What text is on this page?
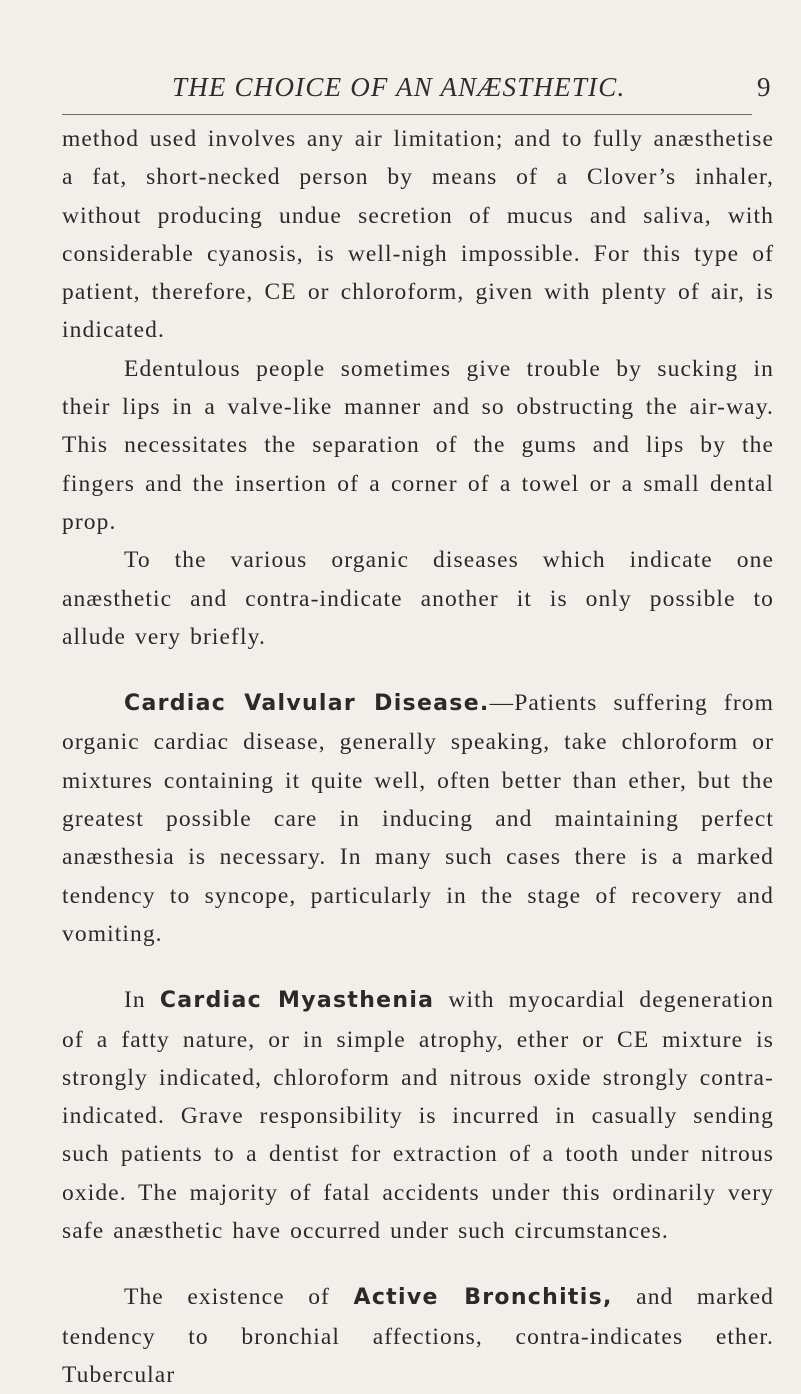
THE CHOICE OF AN ANÆSTHETIC.	9

method used involves any air limitation; and to fully anæsthetise a fat, short-necked person by means of a Clover’s inhaler, without producing undue secretion of mucus and saliva, with considerable cyanosis, is well-nigh impossible. For this type of patient, therefore, CE or chloroform, given with plenty of air, is indicated.

Edentulous people sometimes give trouble by sucking in their lips in a valve-like manner and so obstructing the air-way. This necessitates the separation of the gums and lips by the fingers and the insertion of a corner of a towel or a small dental prop.

To the various organic diseases which indicate one anæsthetic and contra-indicate another it is only possible to allude very briefly.

Cardiac Valvular Disease.—Patients suffering from organic cardiac disease, generally speaking, take chloroform or mixtures containing it quite well, often better than ether, but the greatest possible care in inducing and maintaining perfect anæsthesia is necessary. In many such cases there is a marked tendency to syncope, particularly in the stage of recovery and vomiting.

In Cardiac Myasthenia with myocardial degeneration of a fatty nature, or in simple atrophy, ether or CE mixture is strongly indicated, chloroform and nitrous oxide strongly contra-indicated. Grave responsibility is incurred in casually sending such patients to a dentist for extraction of a tooth under nitrous oxide. The majority of fatal accidents under this ordinarily very safe anæsthetic have occurred under such circumstances.

The existence of Active Bronchitis, and marked tendency to bronchial affections, contra-indicates ether. Tubercular
